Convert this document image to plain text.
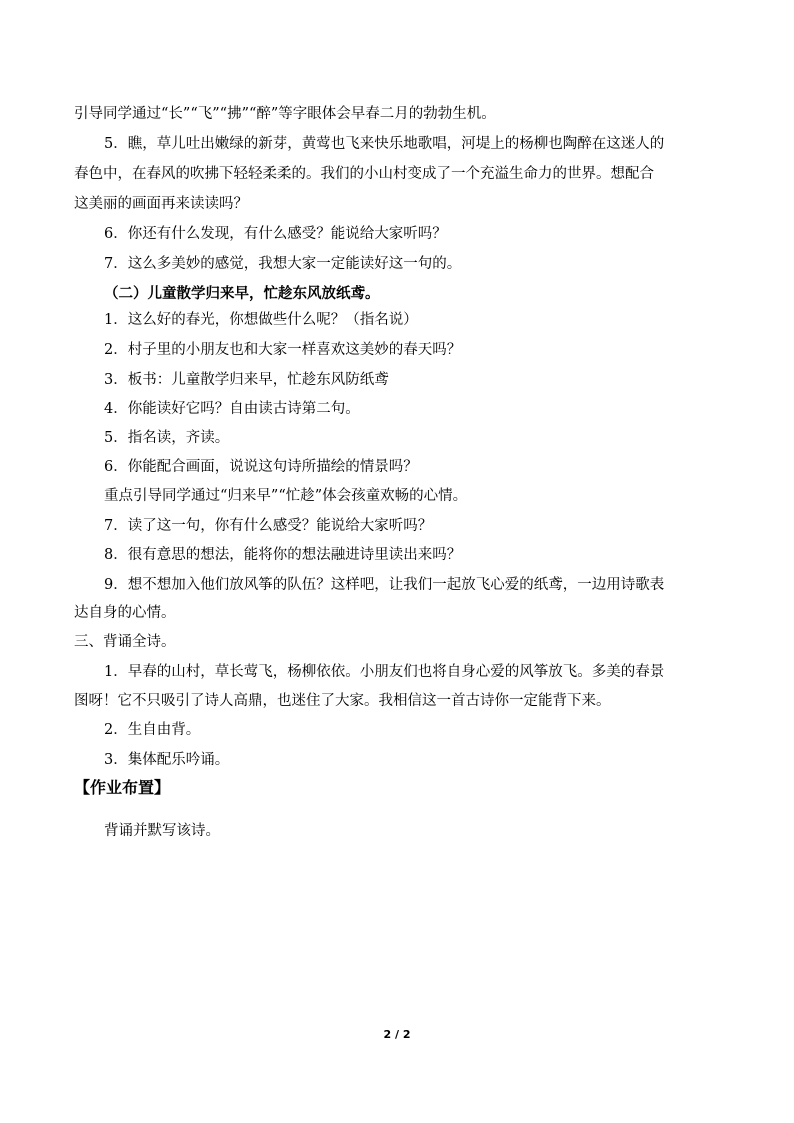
引导同学通过“长”“飞”“拂”“醉”等字眼体会早春二月的勃勃生机。
5．瞧，草儿吐出嫩绿的新芽，黄莺也飞来快乐地歌唱，河堤上的杨柳也陶醉在这迷人的
春色中，在春风的吹拂下轻轻柔柔的。我们的小山村变成了一个充溢生命力的世界。想配合
这美丽的画面再来读读吗？
6．你还有什么发现，有什么感受？能说给大家听吗？
7．这么多美妙的感觉，我想大家一定能读好这一句的。
（二）儿童散学归来早，忙趁东风放纸鸢。
1．这么好的春光，你想做些什么呢？（指名说）
2．村子里的小朋友也和大家一样喜欢这美妙的春天吗？
3．板书：儿童散学归来早，忙趁东风防纸鸢
4．你能读好它吗？自由读古诗第二句。
5．指名读，齐读。
6．你能配合画面，说说这句诗所描绘的情景吗？
重点引导同学通过“归来早”“忙趁”体会孩童欢畅的心情。
7．读了这一句，你有什么感受？能说给大家听吗？
8．很有意思的想法，能将你的想法融进诗里读出来吗？
9．想不想加入他们放风筝的队伍？这样吧，让我们一起放飞心爱的纸鸢，一边用诗歌表
达自身的心情。
三、背诵全诗。
1．早春的山村，草长莺飞，杨柳依依。小朋友们也将自身心爱的风筝放飞。多美的春景
图呀！它不只吸引了诗人高鼎，也迷住了大家。我相信这一首古诗你一定能背下来。
2．生自由背。
3．集体配乐吟诵。
【作业布置】
背诵并默写该诗。
2 / 2
